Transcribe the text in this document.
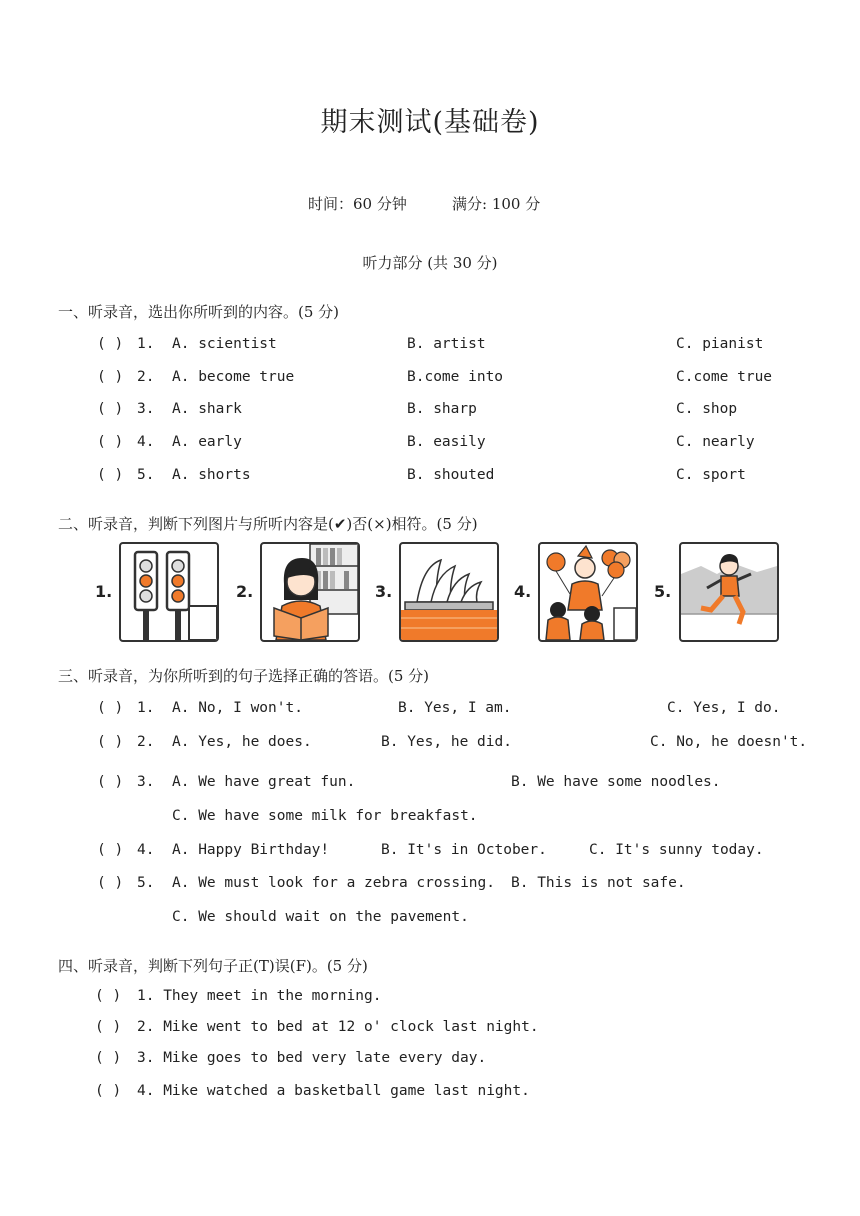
期末测试(基础卷)
时间：60 分钟	满分: 100 分
听力部分 (共 30 分)
一、听录音，选出你所听到的内容。(5 分)
( ) 1. A. scientist	B. artist	C. pianist
( ) 2. A. become true	B.come into	C.come true
( ) 3. A. shark	B. sharp	C. shop
( ) 4. A. early	B. easily	C. nearly
( ) 5. A. shorts	B. shouted	C. sport
二、听录音，判断下列图片与所听内容是(✔)否(×)相符。(5 分)
1.	2.	3.	4.	5.
三、听录音，为你所听到的句子选择正确的答语。(5 分)
( ) 1. A. No, I won't.	B. Yes, I am.	C. Yes, I do.
( ) 2. A. Yes, he does.	B. Yes, he did.	C. No, he doesn't.
( ) 3. A. We have great fun.	B. We have some noodles.
C. We have some milk for breakfast.
( ) 4. A. Happy Birthday!	B. It's in October.	C. It's sunny today.
( ) 5. A. We must look for a zebra crossing. B. This is not safe.
C. We should wait on the pavement.
四、听录音，判断下列句子正(T)误(F)。(5 分)
( ) 1. They meet in the morning.
( ) 2. Mike went to bed at 12 o' clock last night.
( ) 3. Mike goes to bed very late every day.
( ) 4. Mike watched a basketball game last night.
